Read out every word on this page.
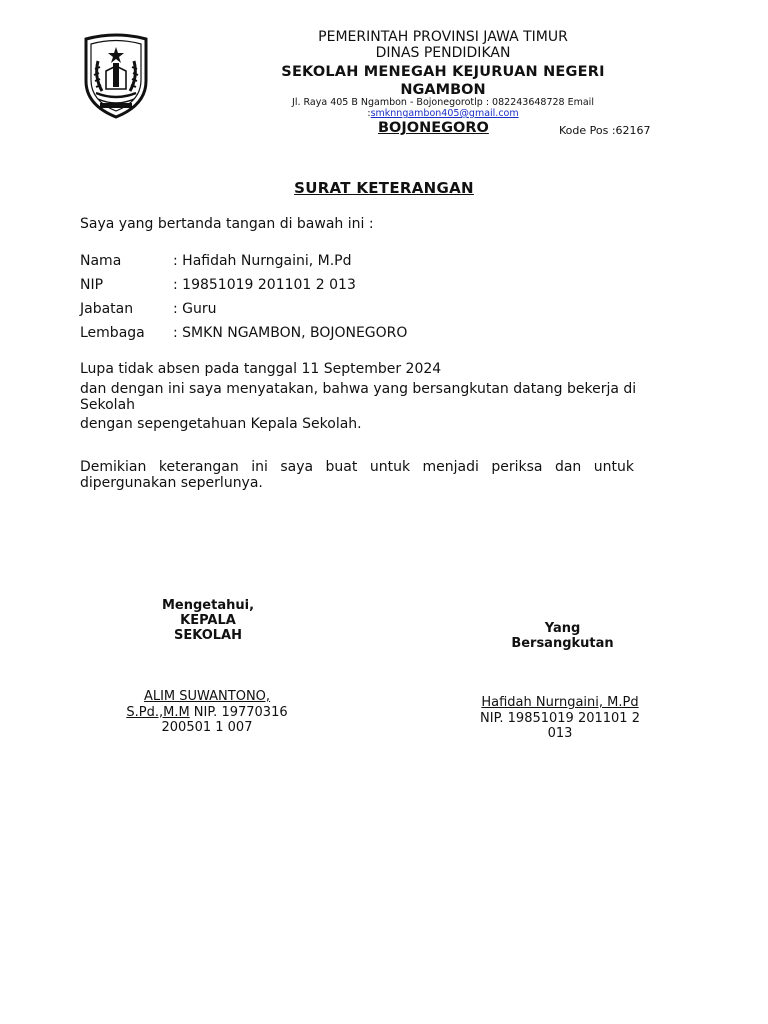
PEMERINTAH PROVINSI JAWA TIMUR
DINAS PENDIDIKAN
SEKOLAH MENEGAH KEJURUAN NEGERI
NGAMBON
Jl. Raya 405 B Ngambon - Bojonegorotlp : 082243648728 Email
:smknngambon405@gmail.com
BOJONEGORO	Kode Pos :62167
SURAT KETERANGAN
Saya yang bertanda tangan di bawah ini :
Nama	: Hafidah Nurngaini, M.Pd
NIP	: 19851019 201101 2 013
Jabatan	: Guru
Lembaga : SMKN NGAMBON, BOJONEGORO
Lupa tidak absen pada tanggal 11 September 2024
dan dengan ini saya menyatakan, bahwa yang bersangkutan datang bekerja di Sekolah
dengan sepengetahuan Kepala Sekolah.
Demikian keterangan ini saya buat untuk menjadi periksa dan untuk dipergunakan seperlunya.
Mengetahui,
KEPALA
SEKOLAH	Yang
Bersangkutan
ALIM SUWANTONO,
S.Pd.,M.M NIP. 19770316
200501 1 007
Hafidah Nurngaini, M.Pd
NIP. 19851019 201101 2 013
